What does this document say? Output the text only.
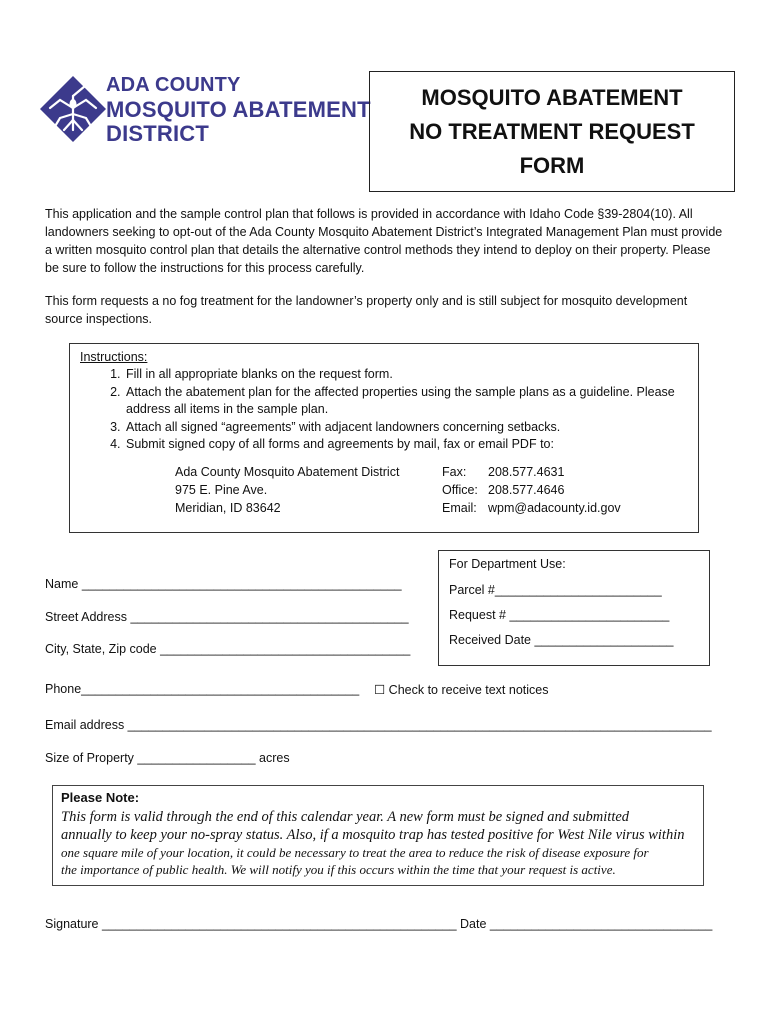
ADA COUNTY
MOSQUITO ABATEMENT
DISTRICT
MOSQUITO ABATEMENT
NO TREATMENT REQUEST
FORM
This application and the sample control plan that follows is provided in accordance with Idaho Code §39-2804(10). All landowners seeking to opt-out of the Ada County Mosquito Abatement District’s Integrated Management Plan must provide a written mosquito control plan that details the alternative control methods they intend to deploy on their property. Please be sure to follow the instructions for this process carefully.
This form requests a no fog treatment for the landowner’s property only and is still subject for mosquito development source inspections.
Instructions:
1. Fill in all appropriate blanks on the request form.
2. Attach the abatement plan for the affected properties using the sample plans as a guideline. Please address all items in the sample plan.
3. Attach all signed “agreements” with adjacent landowners concerning setbacks.
4. Submit signed copy of all forms and agreements by mail, fax or email PDF to:
Ada County Mosquito Abatement District
975 E. Pine Ave.
Meridian, ID 83642
Fax:
Office:
Email:
208.577.4631
208.577.4646
wpm@adacounty.id.gov
For Department Use:
Parcel #________________________
Request # _______________________
Received Date ____________________
Name ______________________________________________
Street Address ________________________________________
City, State, Zip code ____________________________________
Phone________________________________________ ☐ Check to receive text notices
Email address ____________________________________________________________________________________
Size of Property _________________ acres
Please Note:
This form is valid through the end of this calendar year. A new form must be signed and submitted
annually to keep your no-spray status. Also, if a mosquito trap has tested positive for West Nile virus within
one square mile of your location, it could be necessary to treat the area to reduce the risk of disease exposure for
the importance of public health. We will notify you if this occurs within the time that your request is active.
Signature ___________________________________________________ Date ________________________________
